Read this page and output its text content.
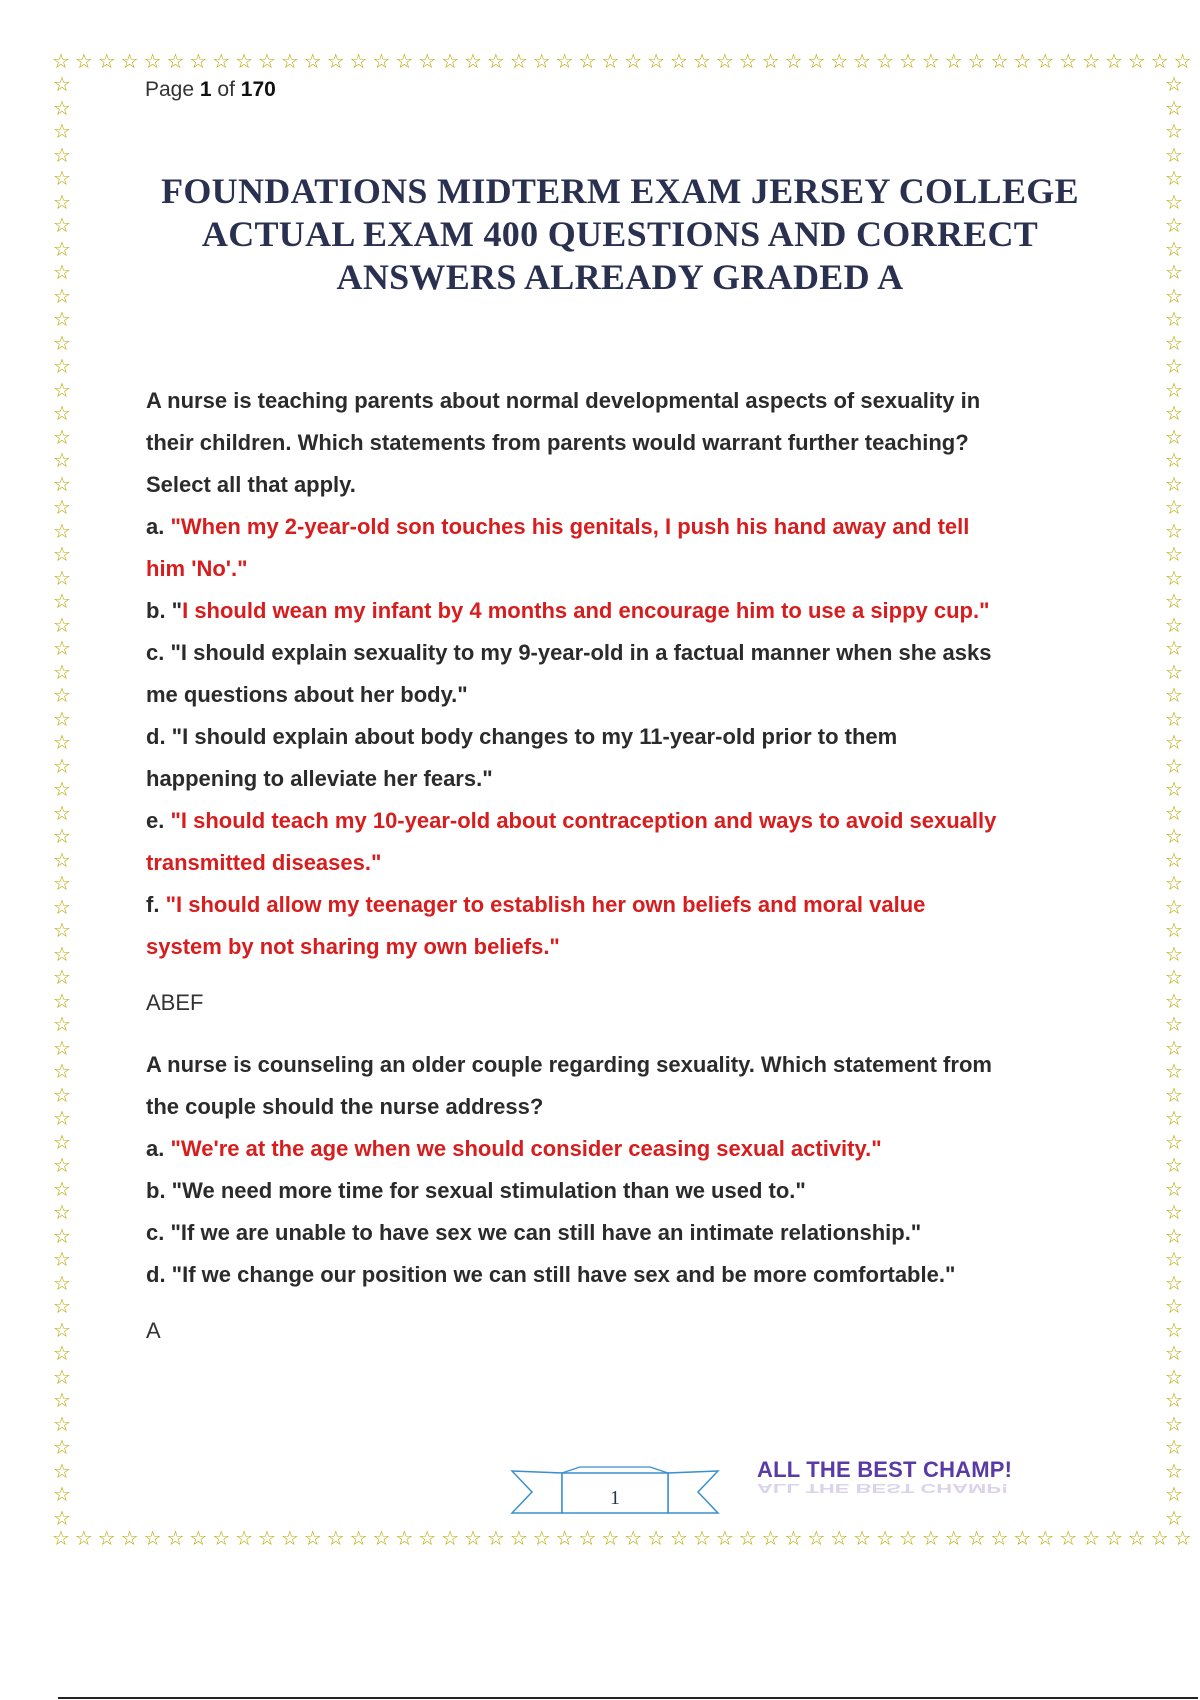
☆ ☆ ☆ ☆ ☆ ☆ ☆ ☆ ☆ ☆ ☆ ☆ ☆ ☆ ☆ ☆ ☆ ☆ ☆ ☆ ☆ ☆ ☆ ☆ ☆ ☆ ☆ ☆ ☆ ☆ ☆ ☆ ☆ ☆ ☆ ☆ ☆ ☆ ☆ ☆ ☆ ☆ ☆ ☆ ☆ ☆ ☆ ☆ ☆ ☆
☆ ☆ ☆ ☆ ☆ ☆ ☆ ☆ ☆ ☆ ☆ ☆ ☆ ☆ ☆ ☆ ☆ ☆ ☆ ☆ ☆ ☆ ☆ ☆ ☆ ☆ ☆ ☆ ☆ ☆ ☆ ☆ ☆ ☆ ☆ ☆ ☆ ☆ ☆ ☆ ☆ ☆ ☆ ☆ ☆ ☆ ☆ ☆ ☆ ☆
☆
☆
☆
☆
☆
☆
☆
☆
☆
☆
☆
☆
☆
☆
☆
☆
☆
☆
☆
☆
☆
☆
☆
☆
☆
☆
☆
☆
☆
☆
☆
☆
☆
☆
☆
☆
☆
☆
☆
☆
☆
☆
☆
☆
☆
☆
☆
☆
☆
☆
☆
☆
☆
☆
☆
☆
☆
☆
☆
☆
☆
☆
☆
☆
☆
☆
☆
☆
☆
☆
☆
☆
☆
☆
☆
☆
☆
☆
☆
☆
☆
☆
☆
☆
☆
☆
☆
☆
☆
☆
☆
☆
☆
☆
☆
☆
☆
☆
☆
☆
☆
☆
☆
☆
☆
☆
☆
☆
☆
☆
☆
☆
☆
☆
☆
☆
☆
☆
☆
☆
☆
☆
☆
☆
Page 1 of 170
FOUNDATIONS MIDTERM EXAM JERSEY COLLEGE
ACTUAL EXAM 400 QUESTIONS AND CORRECT
ANSWERS ALREADY GRADED A
A nurse is teaching parents about normal developmental aspects of sexuality in
their children. Which statements from parents would warrant further teaching?
Select all that apply.
a. "When my 2-year-old son touches his genitals, I push his hand away and tell
him 'No'."
b. "I should wean my infant by 4 months and encourage him to use a sippy cup."
c. "I should explain sexuality to my 9-year-old in a factual manner when she asks
me questions about her body."
d. "I should explain about body changes to my 11-year-old prior to them
happening to alleviate her fears."
e. "I should teach my 10-year-old about contraception and ways to avoid sexually
transmitted diseases."
f. "I should allow my teenager to establish her own beliefs and moral value
system by not sharing my own beliefs."
ABEF
A nurse is counseling an older couple regarding sexuality. Which statement from
the couple should the nurse address?
a. "We're at the age when we should consider ceasing sexual activity."
b. "We need more time for sexual stimulation than we used to."
c. "If we are unable to have sex we can still have an intimate relationship."
d. "If we change our position we can still have sex and be more comfortable."
A
1
ALL THE BEST CHAMP!
ALL THE BEST CHAMP!
